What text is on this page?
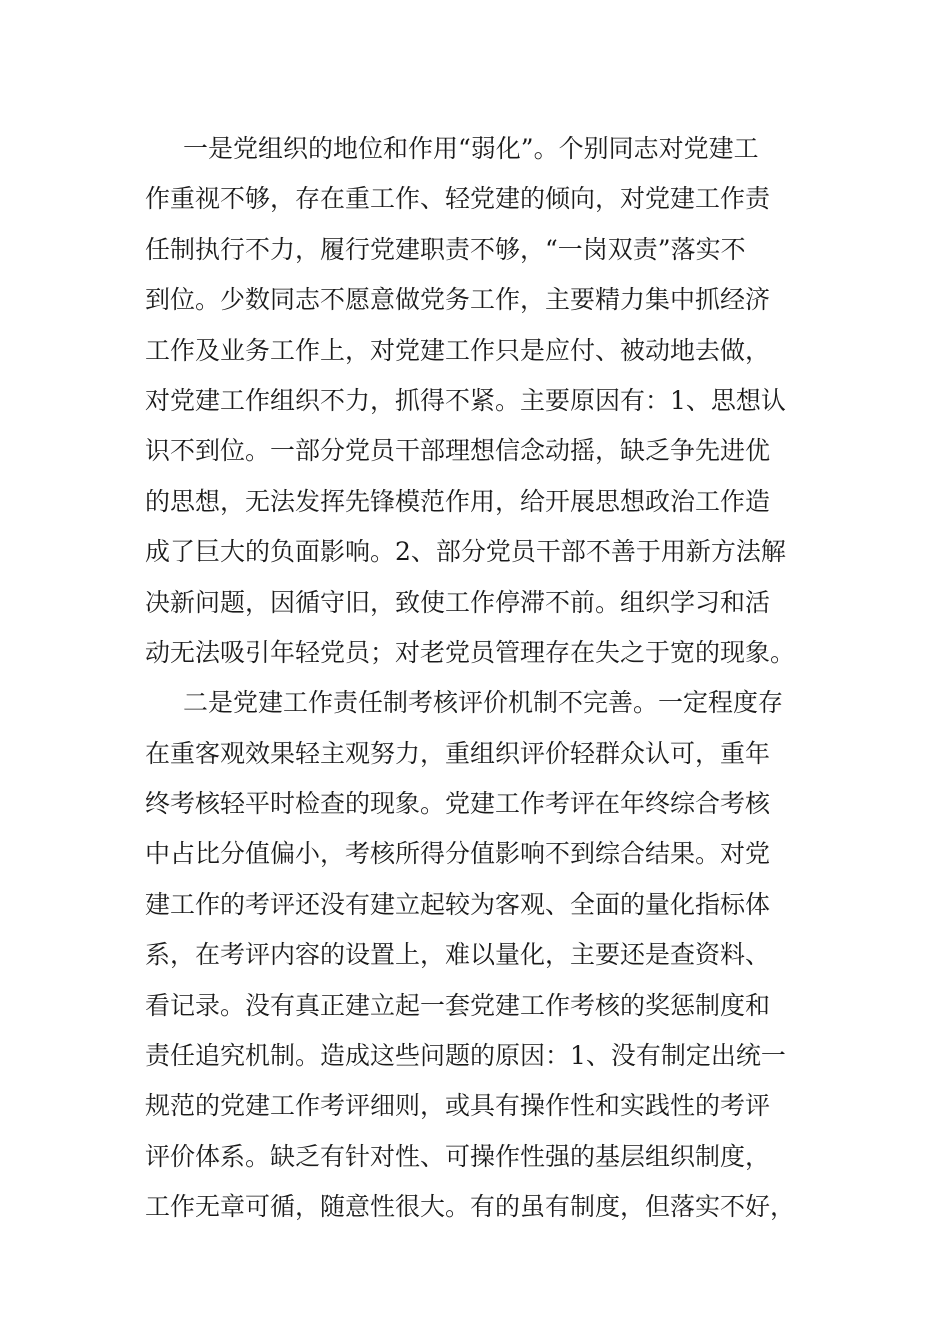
一是党组织的地位和作用“弱化”。个别同志对党建工
作重视不够，存在重工作、轻党建的倾向，对党建工作责
任制执行不力，履行党建职责不够，“一岗双责”落实不
到位。少数同志不愿意做党务工作，主要精力集中抓经济
工作及业务工作上，对党建工作只是应付、被动地去做，
对党建工作组织不力，抓得不紧。主要原因有：1、思想认
识不到位。一部分党员干部理想信念动摇，缺乏争先进优
的思想，无法发挥先锋模范作用，给开展思想政治工作造
成了巨大的负面影响。2、部分党员干部不善于用新方法解
决新问题，因循守旧，致使工作停滞不前。组织学习和活
动无法吸引年轻党员；对老党员管理存在失之于宽的现象。
二是党建工作责任制考核评价机制不完善。一定程度存
在重客观效果轻主观努力，重组织评价轻群众认可，重年
终考核轻平时检查的现象。党建工作考评在年终综合考核
中占比分值偏小，考核所得分值影响不到综合结果。对党
建工作的考评还没有建立起较为客观、全面的量化指标体
系，在考评内容的设置上，难以量化，主要还是查资料、
看记录。没有真正建立起一套党建工作考核的奖惩制度和
责任追究机制。造成这些问题的原因：1、没有制定出统一
规范的党建工作考评细则，或具有操作性和实践性的考评
评价体系。缺乏有针对性、可操作性强的基层组织制度，
工作无章可循，随意性很大。有的虽有制度，但落实不好，
